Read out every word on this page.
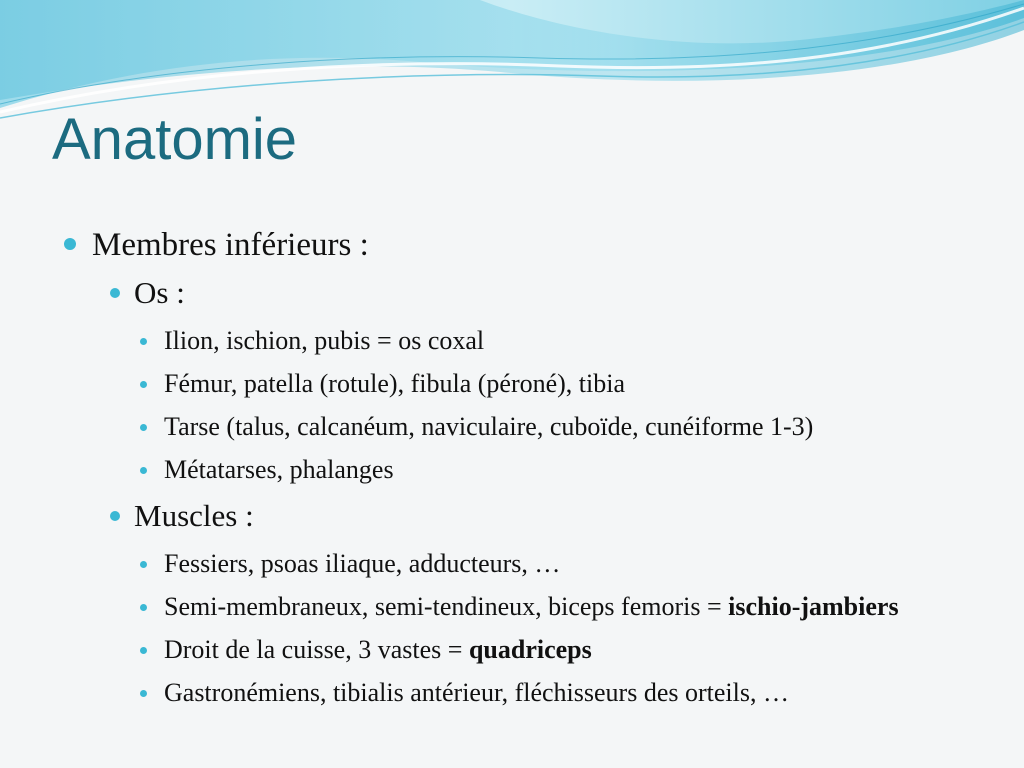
Anatomie
Membres inférieurs :
Os :
Ilion, ischion, pubis = os coxal
Fémur, patella (rotule), fibula (péroné), tibia
Tarse (talus, calcanéum, naviculaire, cuboïde, cunéiforme 1-3)
Métatarses, phalanges
Muscles :
Fessiers, psoas iliaque, adducteurs, …
Semi-membraneux, semi-tendineux, biceps femoris = ischio-jambiers
Droit de la cuisse, 3 vastes = quadriceps
Gastronémiens, tibialis antérieur, fléchisseurs des orteils, …
